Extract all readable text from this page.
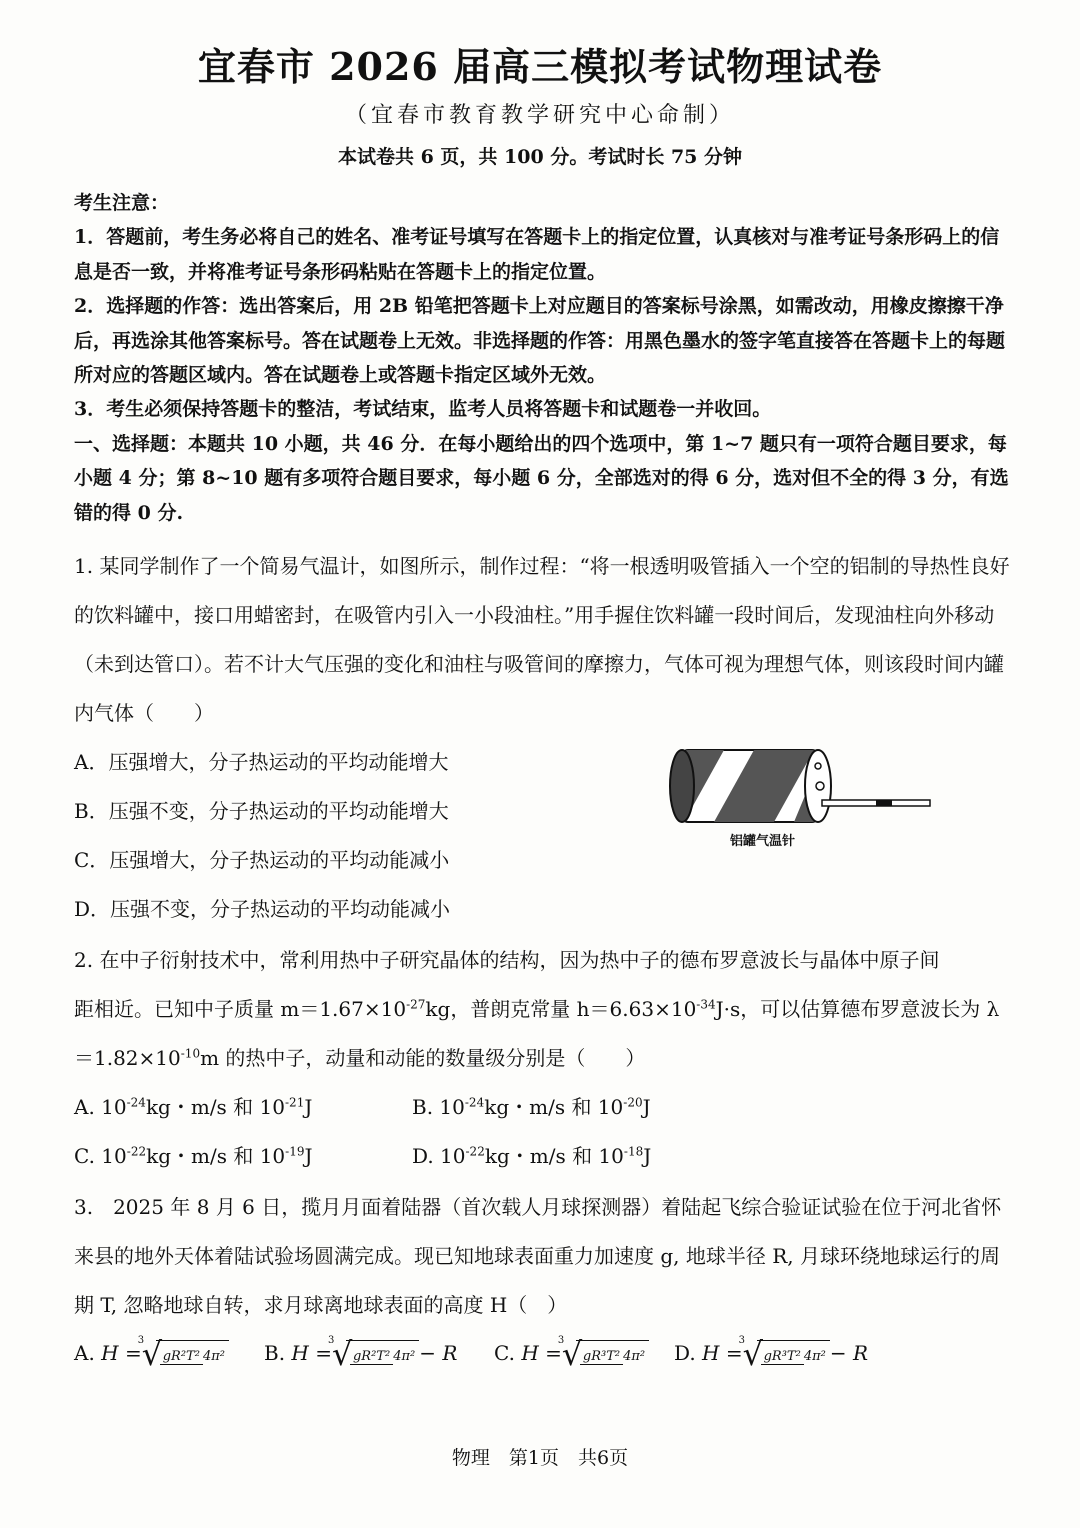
宜春市 2026 届高三模拟考试物理试卷
（宜春市教育教学研究中心命制）
本试卷共 6 页，共 100 分。考试时长 75 分钟

考生注意：

1．答题前，考生务必将自己的姓名、准考证号填写在答题卡上的指定位置，认真核对与准考证号条形码上的信息是否一致，并将准考证号条形码粘贴在答题卡上的指定位置。

2．选择题的作答：选出答案后，用 2B 铅笔把答题卡上对应题目的答案标号涂黑，如需改动，用橡皮擦擦干净后，再选涂其他答案标号。答在试题卷上无效。非选择题的作答：用黑色墨水的签字笔直接答在答题卡上的每题所对应的答题区域内。答在试题卷上或答题卡指定区域外无效。

3．考生必须保持答题卡的整洁，考试结束，监考人员将答题卡和试题卷一并收回。

一、选择题：本题共 10 小题，共 46 分．在每小题给出的四个选项中，第 1~7 题只有一项符合题目要求，每小题 4 分；第 8~10 题有多项符合题目要求，每小题 6 分，全部选对的得 6 分，选对但不全的得 3 分，有选错的得 0 分.

1. 某同学制作了一个简易气温计，如图所示，制作过程：“将一根透明吸管插入一个空的铝制的导热性良好的饮料罐中，接口用蜡密封，在吸管内引入一小段油柱。”用手握住饮料罐一段时间后，发现油柱向外移动（未到达管口）。若不计大气压强的变化和油柱与吸管间的摩擦力，气体可视为理想气体，则该段时间内罐内气体（　　）

A．压强增大，分子热运动的平均动能增大
B．压强不变，分子热运动的平均动能增大
C．压强增大，分子热运动的平均动能减小
D．压强不变，分子热运动的平均动能减小
铝罐气温针

2. 在中子衍射技术中，常利用热中子研究晶体的结构，因为热中子的德布罗意波长与晶体中原子间

距相近。已知中子质量 $m=1.67\times 10^{-27}kg$，普朗克常量 $h=6.63\times 10^{-34}J\cdot s$，可以估算德布罗意波长为 λ

$=1.82\times 10^{-10}m$ 的热中子，动量和动能的数量级分别是（　　）

A. $10^{-24}kg$・m/s 和 $10^{-21}J$	B. $10^{-24}kg$・m/s 和 $10^{-20}J$
C. $10^{-22}kg$・m/s 和 $10^{-19}J$	D. $10^{-22}kg$・m/s 和 $10^{-18}J$

3.　2025 年 8 月 6 日，揽月月面着陆器（首次载人月球探测器）着陆起飞综合验证试验在位于河北省怀来县的地外天体着陆试验场圆满完成。现已知地球表面重力加速度 g, 地球半径 R, 月球环绕地球运行的周期 T, 忽略地球自转，求月球离地球表面的高度 H（　）

A. H =
√ 3
gR²T² 4π²	B. H =
√ 3
gR²T² 4π² − R	C. H =
√ 3
gR³T² 4π²	D. H =
√ 3
gR³T² 4π² − R
物理　第1页　共6页
